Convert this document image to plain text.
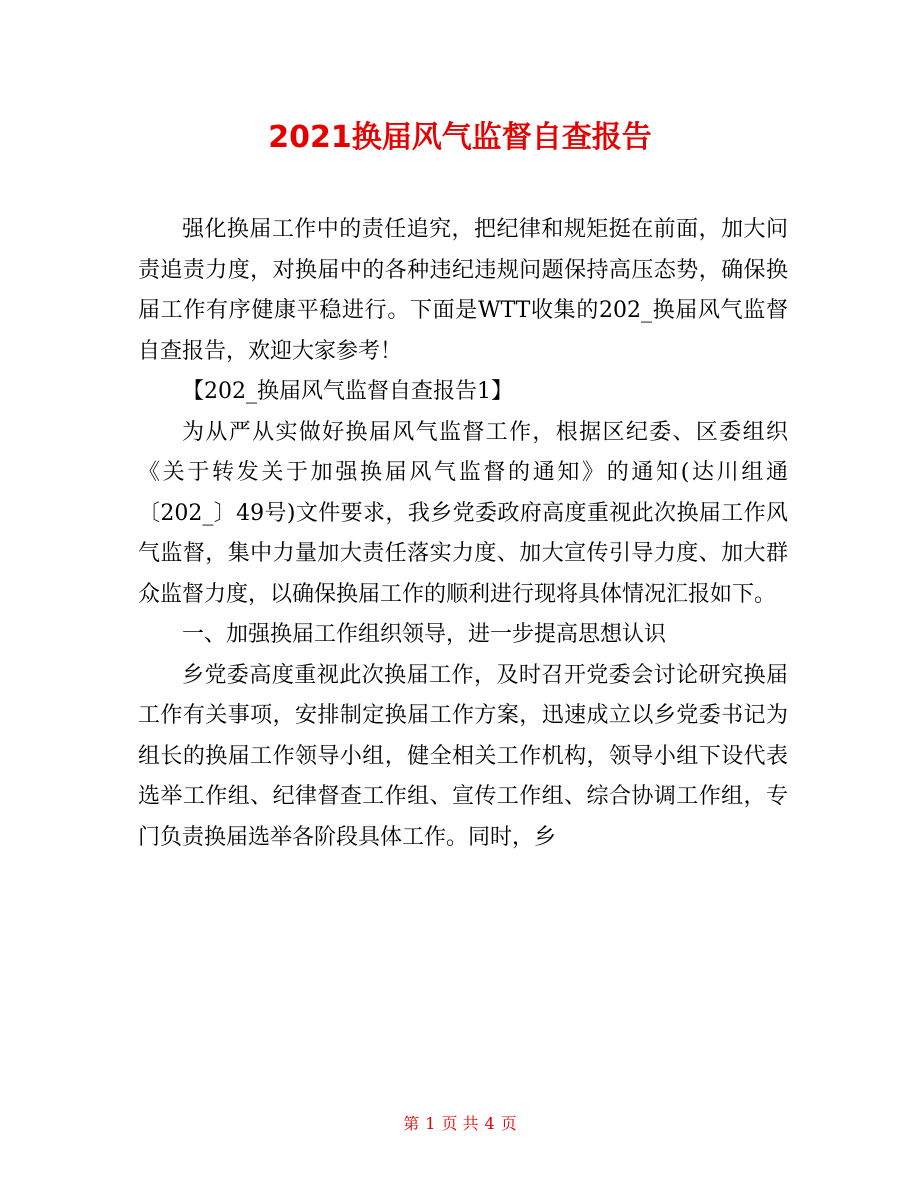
2021换届风气监督自查报告

强化换届工作中的责任追究，把纪律和规矩挺在前面，加大问责追责力度，对换届中的各种违纪违规问题保持高压态势，确保换届工作有序健康平稳进行。下面是WTT收集的202_换届风气监督自查报告，欢迎大家参考！

【202_换届风气监督自查报告1】

为从严从实做好换届风气监督工作，根据区纪委、区委组织《关于转发关于加强换届风气监督的通知》的通知(达川组通〔202_〕49号)文件要求，我乡党委政府高度重视此次换届工作风气监督，集中力量加大责任落实力度、加大宣传引导力度、加大群众监督力度，以确保换届工作的顺利进行现将具体情况汇报如下。

一、加强换届工作组织领导，进一步提高思想认识

乡党委高度重视此次换届工作，及时召开党委会讨论研究换届工作有关事项，安排制定换届工作方案，迅速成立以乡党委书记为组长的换届工作领导小组，健全相关工作机构，领导小组下设代表选举工作组、纪律督查工作组、宣传工作组、综合协调工作组，专门负责换届选举各阶段具体工作。同时，乡

第 1 页 共 4 页
